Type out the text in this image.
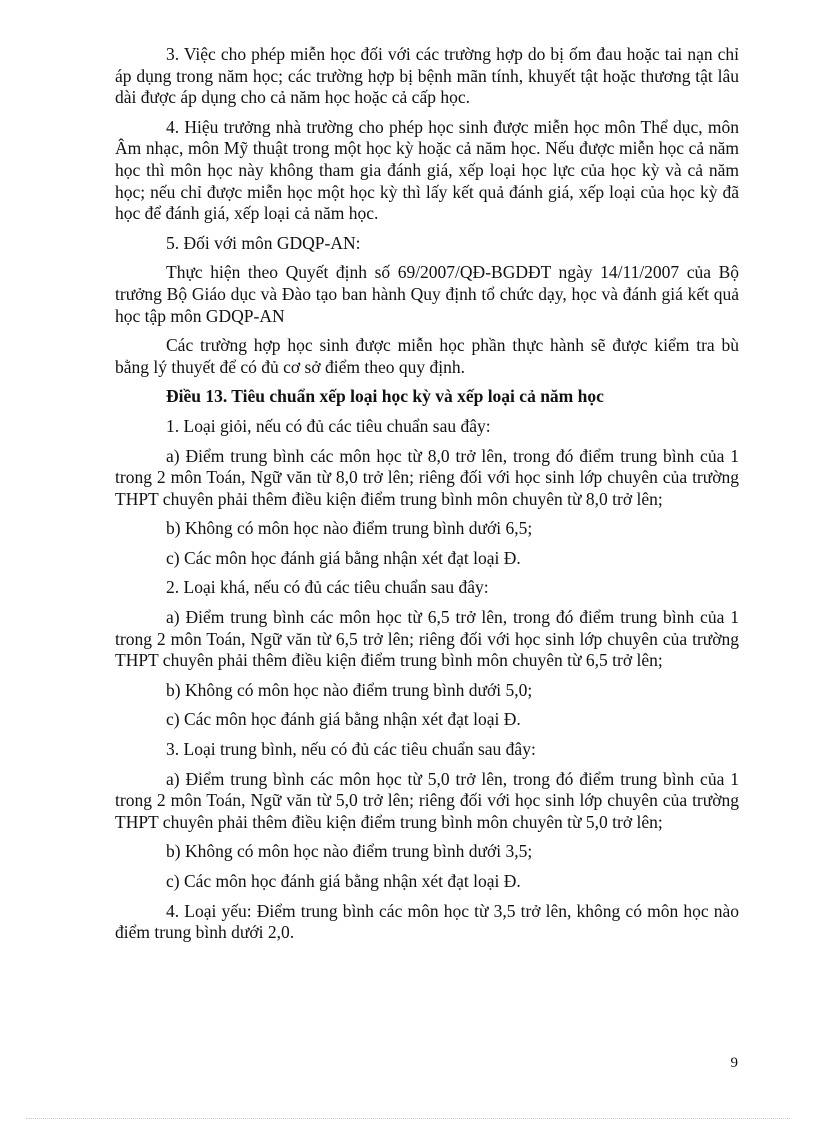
3. Việc cho phép miễn học đối với các trường hợp do bị ốm đau hoặc tai nạn chỉ áp dụng trong năm học; các trường hợp bị bệnh mãn tính, khuyết tật hoặc thương tật lâu dài được áp dụng cho cả năm học hoặc cả cấp học.

4. Hiệu trưởng nhà trường cho phép học sinh được miễn học môn Thể dục, môn Âm nhạc, môn Mỹ thuật trong một học kỳ hoặc cả năm học. Nếu được miễn học cả năm học thì môn học này không tham gia đánh giá, xếp loại học lực của học kỳ và cả năm học; nếu chỉ được miễn học một học kỳ thì lấy kết quả đánh giá, xếp loại của học kỳ đã học để đánh giá, xếp loại cả năm học.

5. Đối với môn GDQP-AN:

Thực hiện theo Quyết định số 69/2007/QĐ-BGDĐT ngày 14/11/2007 của Bộ trưởng Bộ Giáo dục và Đào tạo ban hành Quy định tổ chức dạy, học và đánh giá kết quả học tập môn GDQP-AN

Các trường hợp học sinh được miễn học phần thực hành sẽ được kiểm tra bù bằng lý thuyết để có đủ cơ sở điểm theo quy định.

Điều 13. Tiêu chuẩn xếp loại học kỳ và xếp loại cả năm học

1. Loại giỏi, nếu có đủ các tiêu chuẩn sau đây:

a) Điểm trung bình các môn học từ 8,0 trở lên, trong đó điểm trung bình của 1 trong 2 môn Toán, Ngữ văn từ 8,0 trở lên; riêng đối với học sinh lớp chuyên của trường THPT chuyên phải thêm điều kiện điểm trung bình môn chuyên từ 8,0 trở lên;

b) Không có môn học nào điểm trung bình dưới 6,5;

c) Các môn học đánh giá bằng nhận xét đạt loại Đ.

2. Loại khá, nếu có đủ các tiêu chuẩn sau đây:

a) Điểm trung bình các môn học từ 6,5 trở lên, trong đó điểm trung bình của 1 trong 2 môn Toán, Ngữ văn từ 6,5 trở lên; riêng đối với học sinh lớp chuyên của trường THPT chuyên phải thêm điều kiện điểm trung bình môn chuyên từ 6,5 trở lên;

b) Không có môn học nào điểm trung bình dưới 5,0;

c) Các môn học đánh giá bằng nhận xét đạt loại Đ.

3. Loại trung bình, nếu có đủ các tiêu chuẩn sau đây:

a) Điểm trung bình các môn học từ 5,0 trở lên, trong đó điểm trung bình của 1 trong 2 môn Toán, Ngữ văn từ 5,0 trở lên; riêng đối với học sinh lớp chuyên của trường THPT chuyên phải thêm điều kiện điểm trung bình môn chuyên từ 5,0 trở lên;

b) Không có môn học nào điểm trung bình dưới 3,5;

c) Các môn học đánh giá bằng nhận xét đạt loại Đ.

4. Loại yếu: Điểm trung bình các môn học từ 3,5 trở lên, không có môn học nào điểm trung bình dưới 2,0.

9
